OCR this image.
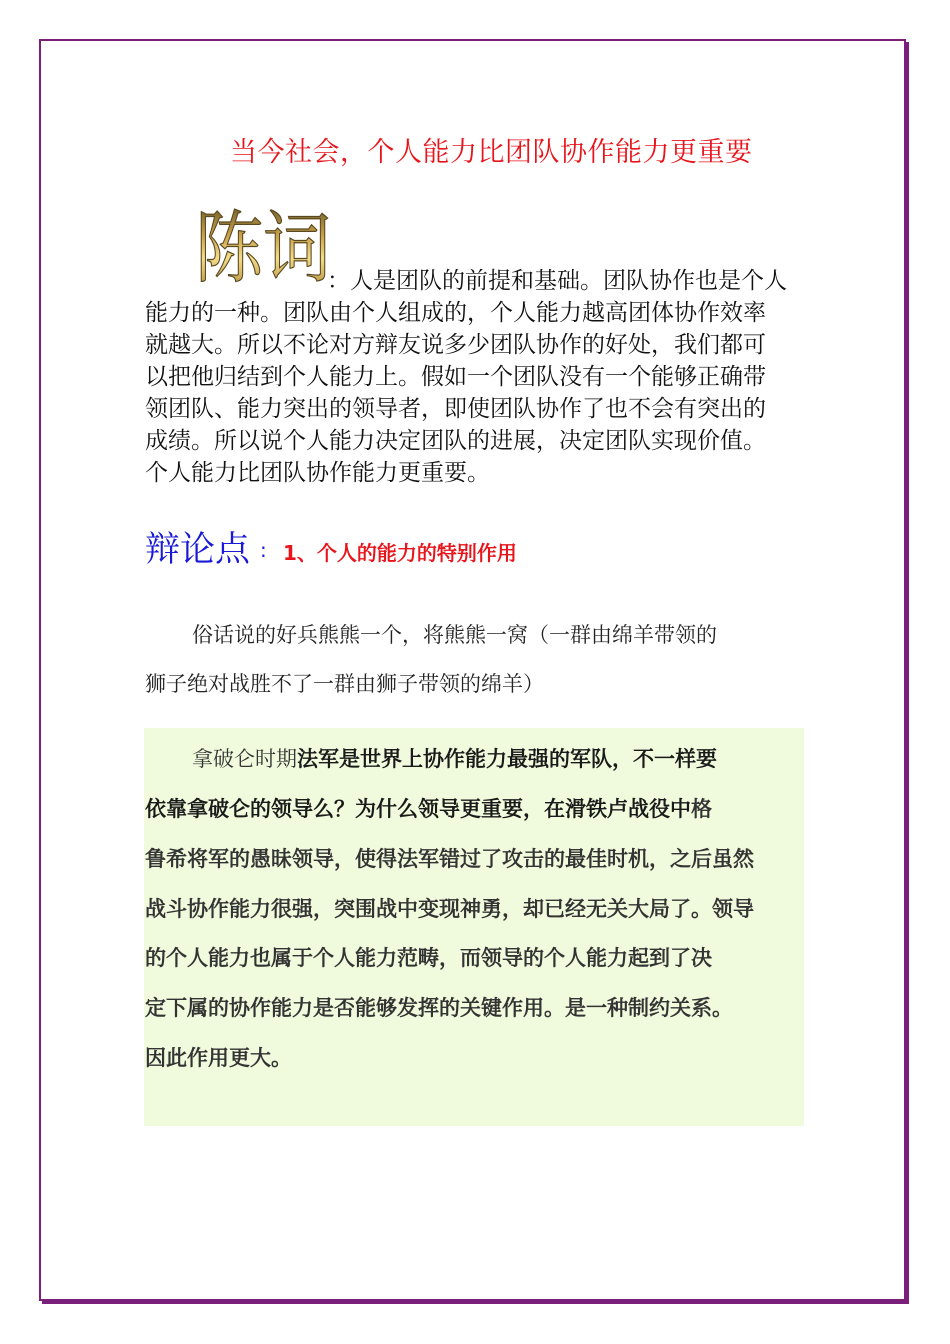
当今社会，个人能力比团队协作能力更重要
陈词
：人是团队的前提和基础。团队协作也是个人
能力的一种。团队由个人组成的，个人能力越高团体协作效率
就越大。所以不论对方辩友说多少团队协作的好处，我们都可
以把他归结到个人能力上。假如一个团队没有一个能够正确带
领团队、能力突出的领导者，即使团队协作了也不会有突出的
成绩。所以说个人能力决定团队的进展，决定团队实现价值。
个人能力比团队协作能力更重要。
辩论点 : 1、个人的能力的特别作用
俗话说的好兵熊熊一个，将熊熊一窝（一群由绵羊带领的
狮子绝对战胜不了一群由狮子带领的绵羊）
拿破仑时期法军是世界上协作能力最强的军队，不一样要
依靠拿破仑的领导么？为什么领导更重要，在滑铁卢战役中格
鲁希将军的愚昧领导，使得法军错过了攻击的最佳时机，之后虽然
战斗协作能力很强，突围战中变现神勇，却已经无关大局了。领导
的个人能力也属于个人能力范畴，而领导的个人能力起到了决
定下属的协作能力是否能够发挥的关键作用。是一种制约关系。
因此作用更大。
